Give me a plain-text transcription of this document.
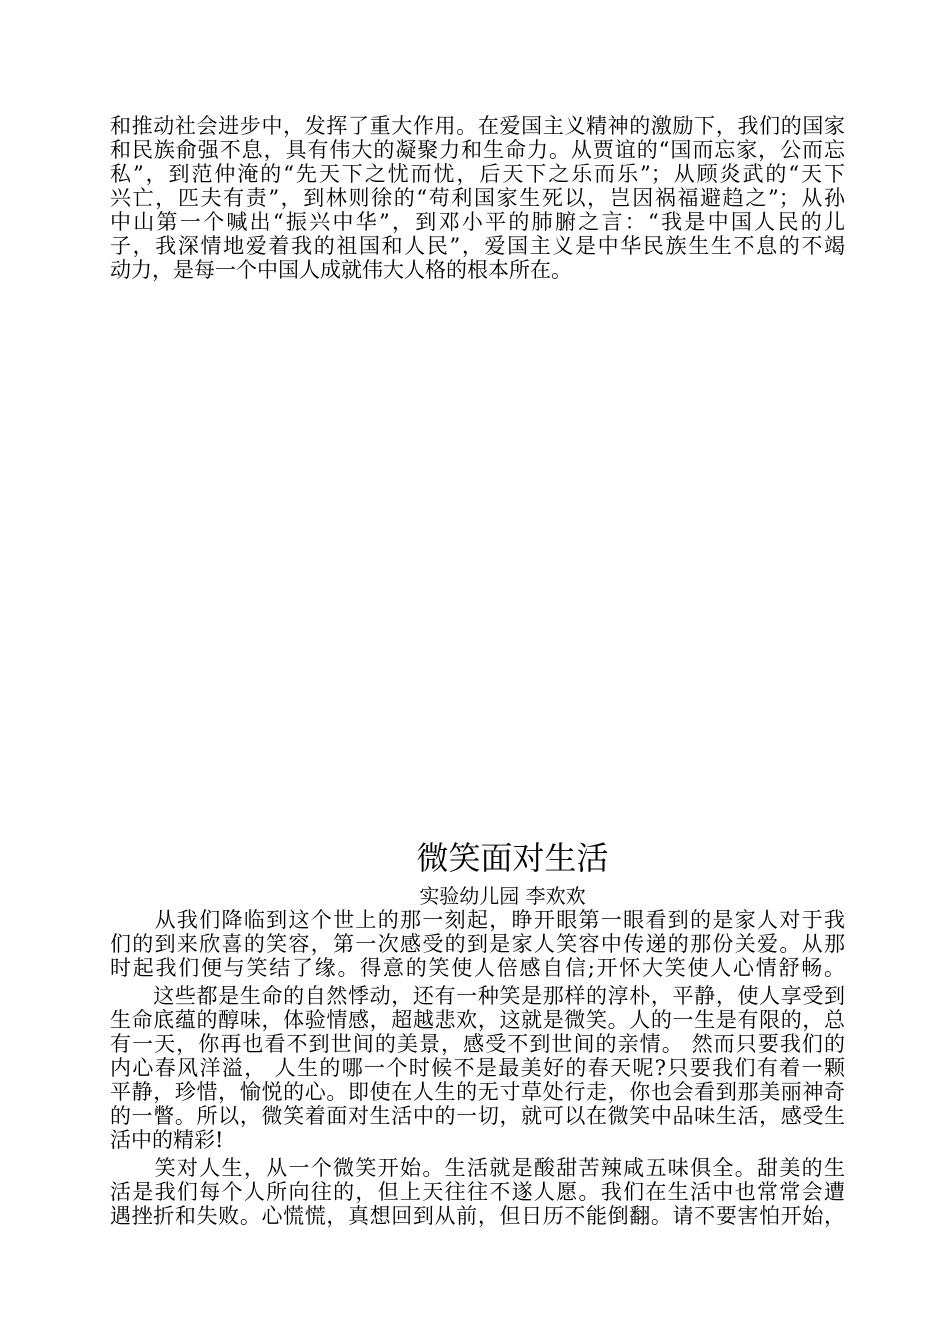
和推动社会进步中，发挥了重大作用。在爱国主义精神的激励下，我们的国家
和民族俞强不息，具有伟大的凝聚力和生命力。从贾谊的“国而忘家，公而忘
私”，到范仲淹的“先天下之忧而忧，后天下之乐而乐”；从顾炎武的“天下
兴亡，匹夫有责”，到林则徐的“苟利国家生死以，岂因祸福避趋之”；从孙
中山第一个喊出“振兴中华”，到邓小平的肺腑之言：“我是中国人民的儿
子，我深情地爱着我的祖国和人民”，爱国主义是中华民族生生不息的不竭
动力，是每一个中国人成就伟大人格的根本所在。
微笑面对生活
实验幼儿园 李欢欢
　　从我们降临到这个世上的那一刻起，睁开眼第一眼看到的是家人对于我
们的到来欣喜的笑容，第一次感受的到是家人笑容中传递的那份关爱。从那
时起我们便与笑结了缘。得意的笑使人倍感自信;开怀大笑使人心情舒畅。
　　这些都是生命的自然悸动，还有一种笑是那样的淳朴，平静，使人享受到
生命底蕴的醇味，体验情感，超越悲欢，这就是微笑。人的一生是有限的，总
有一天，你再也看不到世间的美景，感受不到世间的亲情。 然而只要我们的
内心春风洋溢， 人生的哪一个时候不是最美好的春天呢?只要我们有着一颗
平静，珍惜，愉悦的心。即使在人生的无寸草处行走，你也会看到那美丽神奇
的一瞥。所以，微笑着面对生活中的一切，就可以在微笑中品味生活，感受生
活中的精彩!
　　笑对人生，从一个微笑开始。生活就是酸甜苦辣咸五味俱全。甜美的生
活是我们每个人所向往的，但上天往往不遂人愿。我们在生活中也常常会遭
遇挫折和失败。心慌慌，真想回到从前，但日历不能倒翻。请不要害怕开始，
